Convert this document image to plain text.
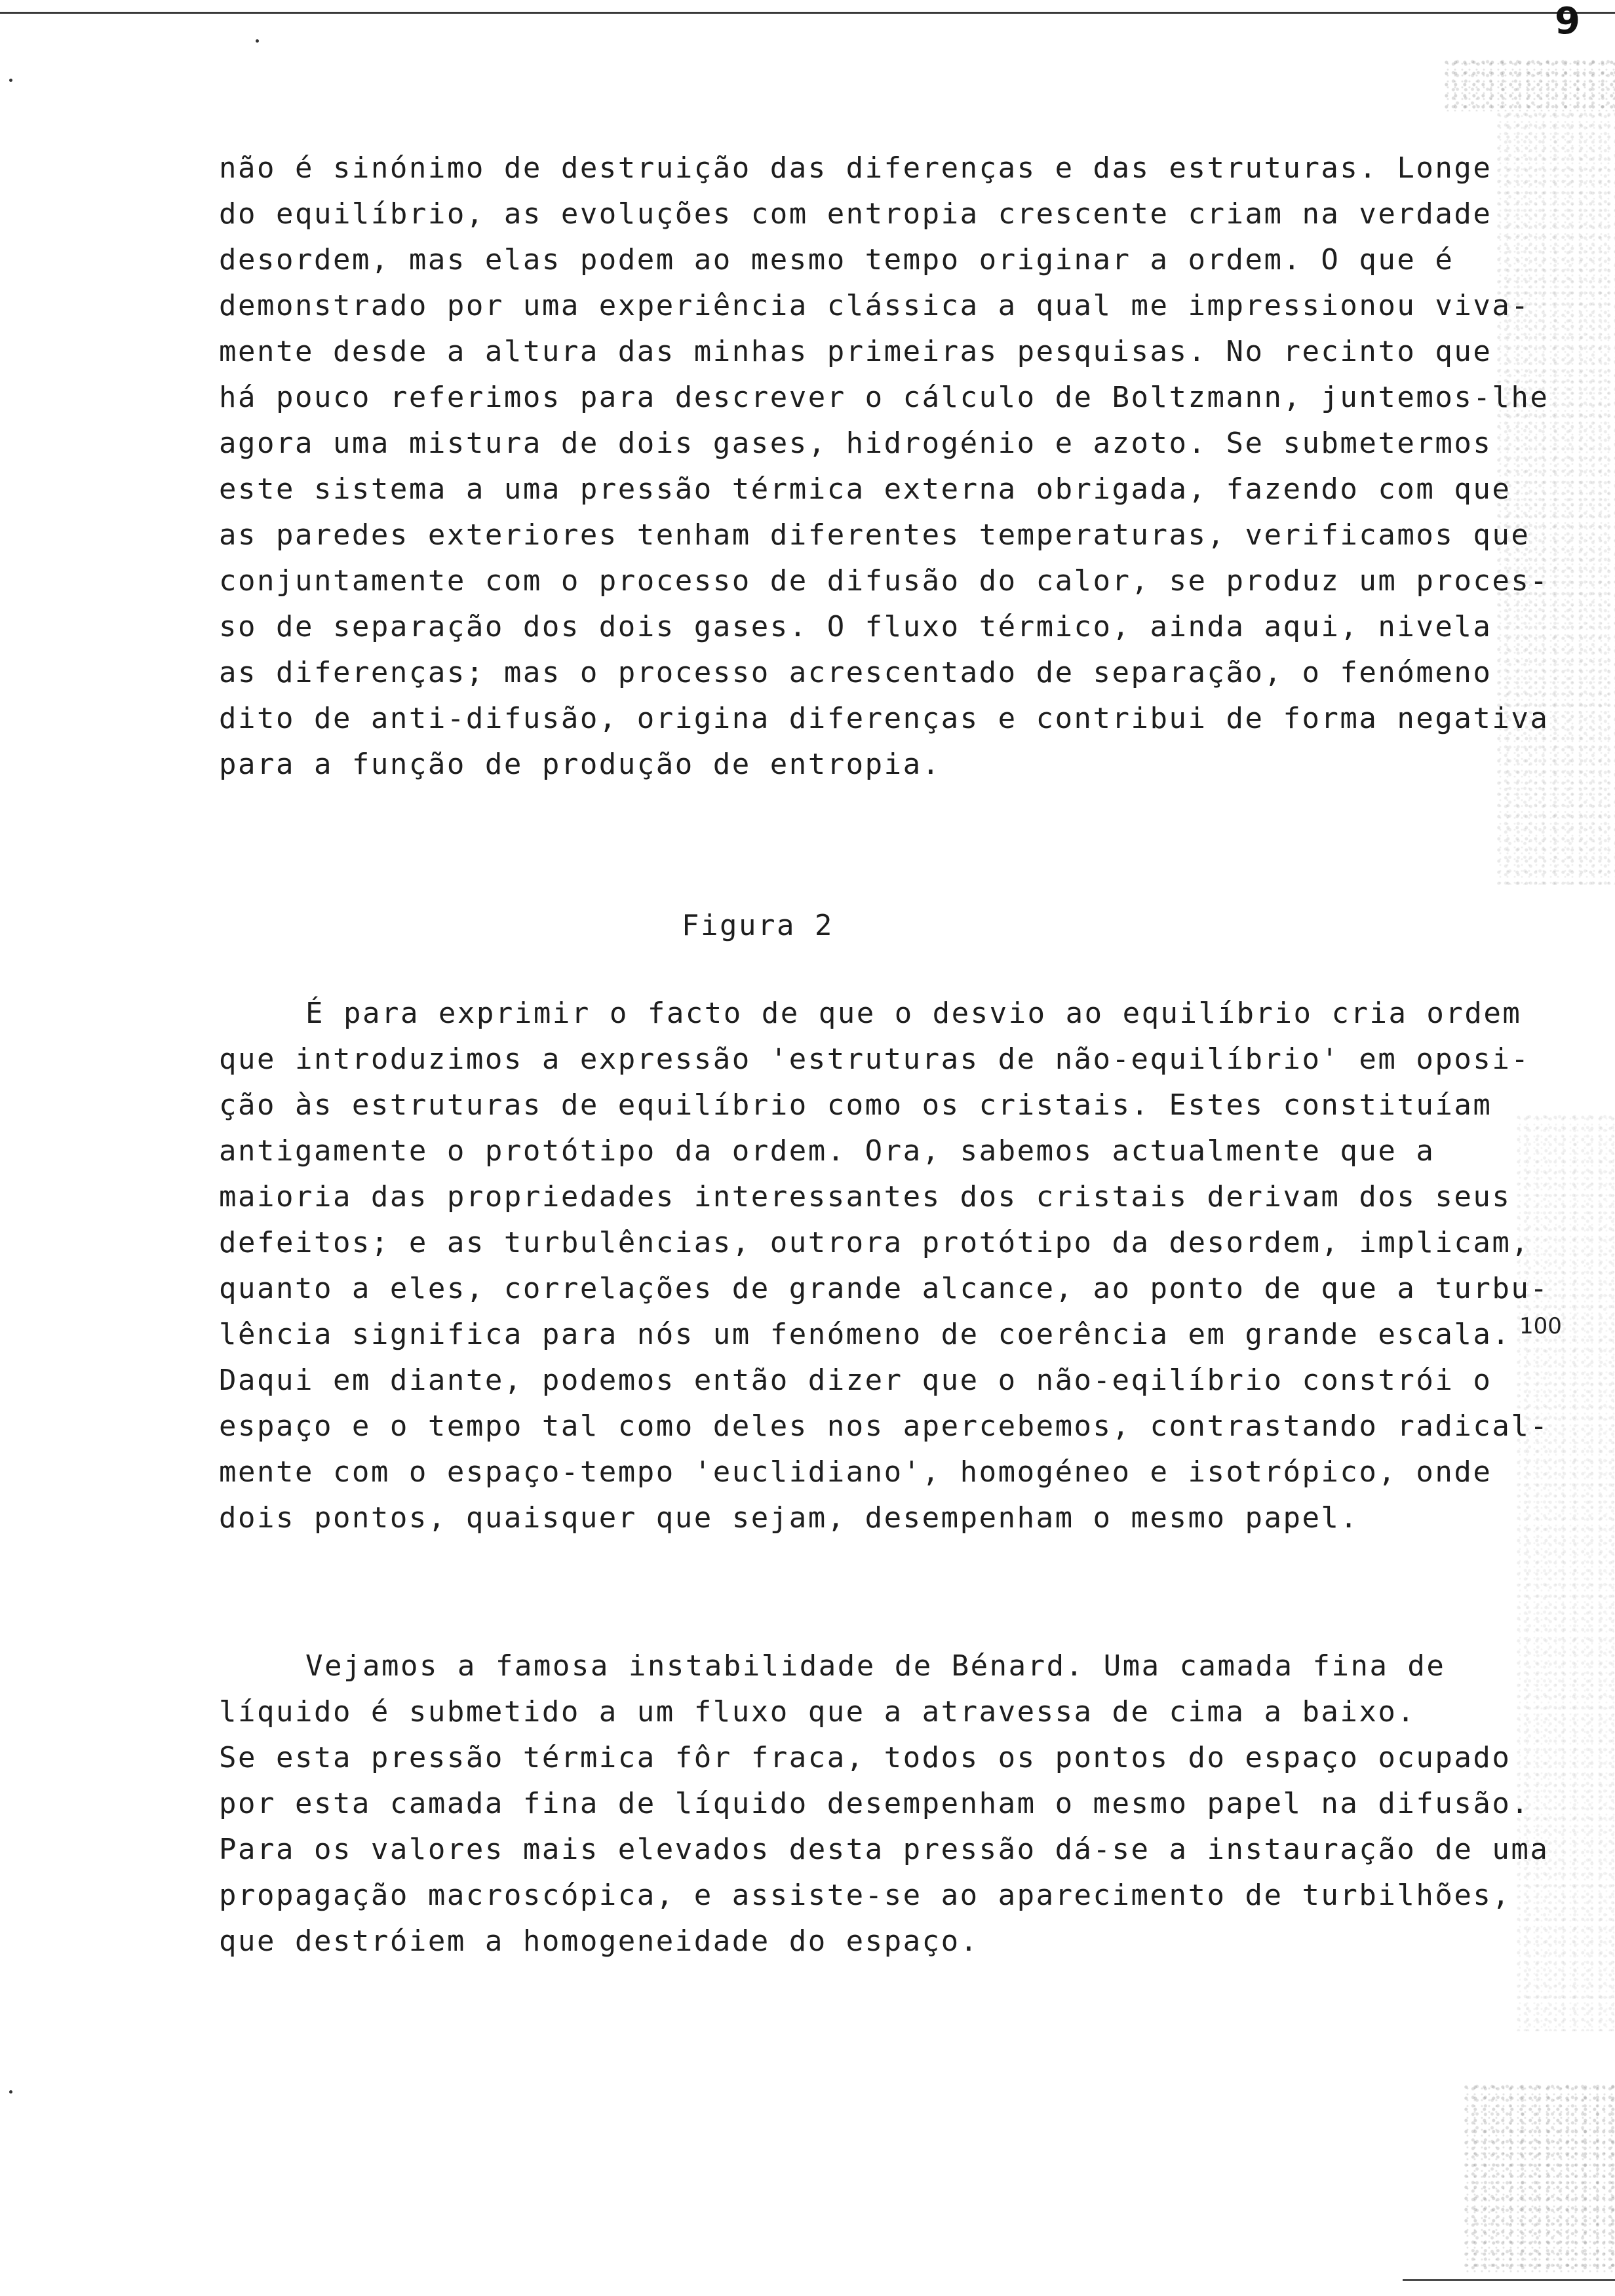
9
não é sinónimo de destruição das diferenças e das estruturas. Longe
do equilíbrio, as evoluções com entropia crescente criam na verdade
desordem, mas elas podem ao mesmo tempo originar a ordem. O que é
demonstrado por uma experiência clássica a qual me impressionou viva-
mente desde a altura das minhas primeiras pesquisas. No recinto que
há pouco referimos para descrever o cálculo de Boltzmann, juntemos-lhe
agora uma mistura de dois gases, hidrogénio e azoto. Se submetermos
este sistema a uma pressão térmica externa obrigada, fazendo com que
as paredes exteriores tenham diferentes temperaturas, verificamos que
conjuntamente com o processo de difusão do calor, se produz um proces-
so de separação dos dois gases. O fluxo térmico, ainda aqui, nivela
as diferenças; mas o processo acrescentado de separação, o fenómeno
dito de anti-difusão, origina diferenças e contribui de forma negativa
para a função de produção de entropia.
Figura 2
É para exprimir o facto de que o desvio ao equilíbrio cria ordem
que introduzimos a expressão 'estruturas de não-equilíbrio' em oposi-
ção às estruturas de equilíbrio como os cristais. Estes constituíam
antigamente o protótipo da ordem. Ora, sabemos actualmente que a
maioria das propriedades interessantes dos cristais derivam dos seus
defeitos; e as turbulências, outrora protótipo da desordem, implicam,
quanto a eles, correlações de grande alcance, ao ponto de que a turbu-
lência significa para nós um fenómeno de coerência em grande escala.
Daqui em diante, podemos então dizer que o não-eqilíbrio constrói o
espaço e o tempo tal como deles nos apercebemos, contrastando radical-
mente com o espaço-tempo 'euclidiano', homogéneo e isotrópico, onde
dois pontos, quaisquer que sejam, desempenham o mesmo papel.
100
Vejamos a famosa instabilidade de Bénard. Uma camada fina de
líquido é submetido a um fluxo que a atravessa de cima a baixo.
Se esta pressão térmica fôr fraca, todos os pontos do espaço ocupado
por esta camada fina de líquido desempenham o mesmo papel na difusão.
Para os valores mais elevados desta pressão dá-se a instauração de uma
propagação macroscópica, e assiste-se ao aparecimento de turbilhões,
que destróiem a homogeneidade do espaço.
